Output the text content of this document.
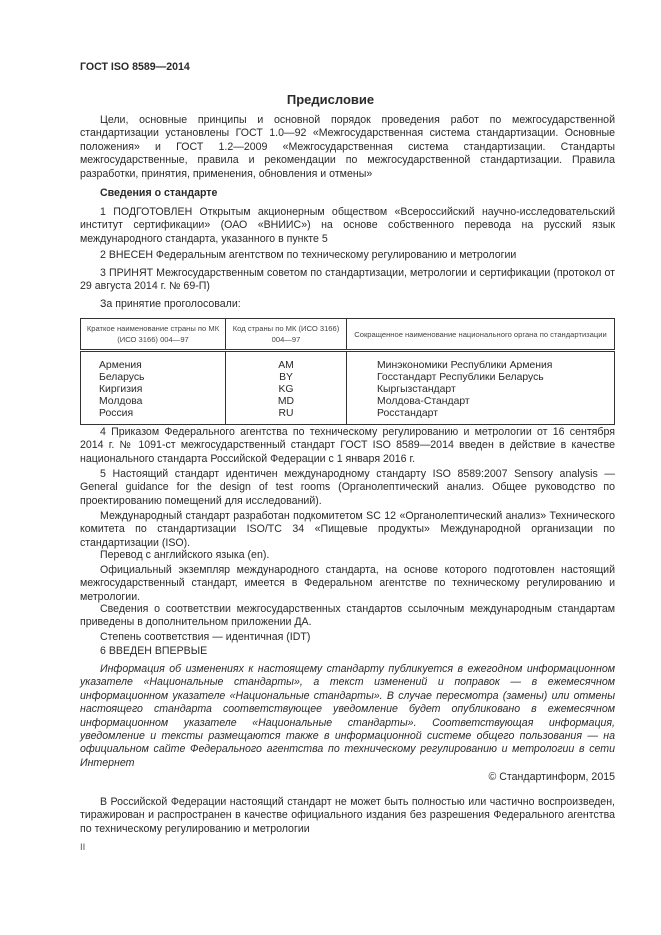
ГОСТ ISO 8589—2014
Предисловие
Цели, основные принципы и основной порядок проведения работ по межгосударственной стандартизации установлены ГОСТ 1.0—92 «Межгосударственная система стандартизации. Основные положения» и ГОСТ 1.2—2009 «Межгосударственная система стандартизации. Стандарты межгосударственные, правила и рекомендации по межгосударственной стандартизации. Правила разработки, принятия, применения, обновления и отмены»
Сведения о стандарте
1 ПОДГОТОВЛЕН Открытым акционерным обществом «Всероссийский научно-исследовательский институт сертификации» (ОАО «ВНИИС») на основе собственного перевода на русский язык международного стандарта, указанного в пункте 5
2 ВНЕСЕН Федеральным агентством по техническому регулированию и метрологии
3 ПРИНЯТ Межгосударственным советом по стандартизации, метрологии и сертификации (протокол от 29 августа 2014 г. № 69-П)
За принятие проголосовали:
Краткое наименование страны по МК (ИСО 3166) 004—97	Код страны по МК (ИСО 3166) 004—97	Сокращенное наименование национального органа по стандартизации
Армения	AM	Минэкономики Республики Армения
Беларусь	BY	Госстандарт Республики Беларусь
Киргизия	KG	Кыргызстандарт
Молдова	MD	Молдова-Стандарт
Россия	RU	Росстандарт
4 Приказом Федерального агентства по техническому регулированию и метрологии от 16 сентября 2014 г. № 1091-ст межгосударственный стандарт ГОСТ ISO 8589—2014 введен в действие в качестве национального стандарта Российской Федерации с 1 января 2016 г.
5 Настоящий стандарт идентичен международному стандарту ISO 8589:2007 Sensory analysis — General guidance for the design of test rooms (Органолептический анализ. Общее руководство по проектированию помещений для исследований).
Международный стандарт разработан подкомитетом SC 12 «Органолептический анализ» Технического комитета по стандартизации ISO/TC 34 «Пищевые продукты» Международной организации по стандартизации (ISO).
Перевод с английского языка (en).
Официальный экземпляр международного стандарта, на основе которого подготовлен настоящий межгосударственный стандарт, имеется в Федеральном агентстве по техническому регулированию и метрологии.
Сведения о соответствии межгосударственных стандартов ссылочным международным стандартам приведены в дополнительном приложении ДА.
Степень соответствия — идентичная (IDT)
6 ВВЕДЕН ВПЕРВЫЕ
Информация об изменениях к настоящему стандарту публикуется в ежегодном информационном указателе «Национальные стандарты», а текст изменений и поправок — в ежемесячном информационном указателе «Национальные стандарты». В случае пересмотра (замены) или отмены настоящего стандарта соответствующее уведомление будет опубликовано в ежемесячном информационном указателе «Национальные стандарты». Соответствующая информация, уведомление и тексты размещаются также в информационной системе общего пользования — на официальном сайте Федерального агентства по техническому регулированию и метрологии в сети Интернет
© Стандартинформ, 2015
В Российской Федерации настоящий стандарт не может быть полностью или частично воспроизведен, тиражирован и распространен в качестве официального издания без разрешения Федерального агентства по техническому регулированию и метрологии
II
